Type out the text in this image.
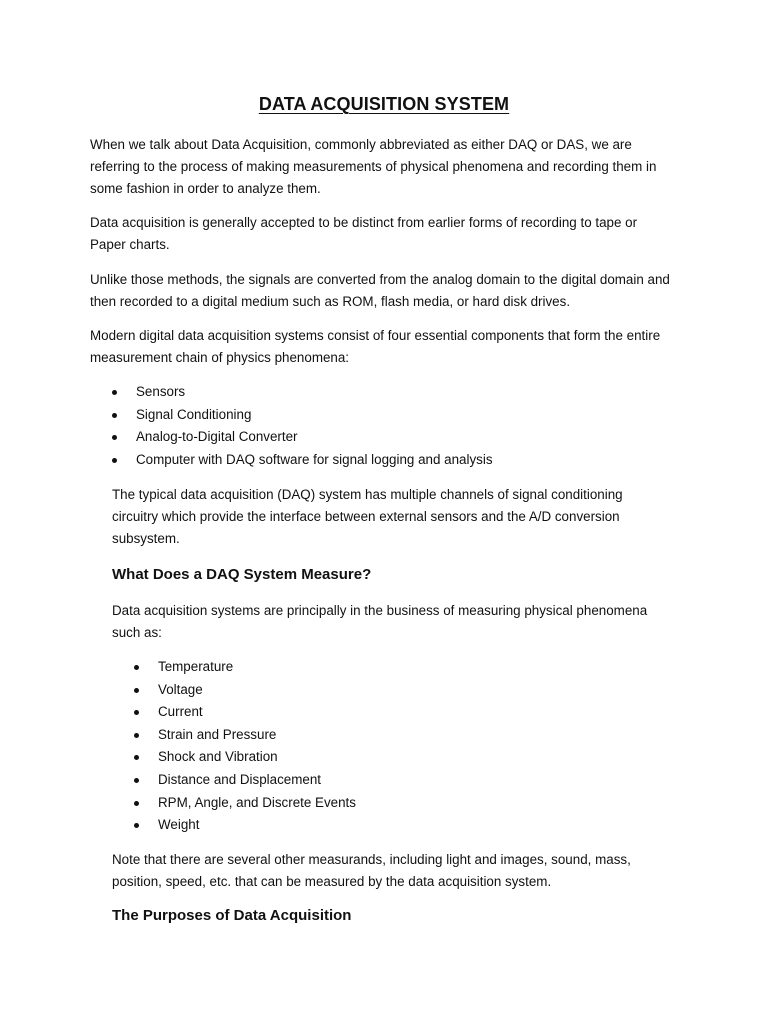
DATA ACQUISITION SYSTEM

When we talk about Data Acquisition, commonly abbreviated as either DAQ or DAS, we are referring to the process of making measurements of physical phenomena and recording them in some fashion in order to analyze them.

Data acquisition is generally accepted to be distinct from earlier forms of recording to tape or Paper charts.

Unlike those methods, the signals are converted from the analog domain to the digital domain and then recorded to a digital medium such as ROM, flash media, or hard disk drives.

Modern digital data acquisition systems consist of four essential components that form the entire measurement chain of physics phenomena:

Sensors
Signal Conditioning
Analog-to-Digital Converter
Computer with DAQ software for signal logging and analysis

The typical data acquisition (DAQ) system has multiple channels of signal conditioning circuitry which provide the interface between external sensors and the A/D conversion subsystem.

What Does a DAQ System Measure?

Data acquisition systems are principally in the business of measuring physical phenomena such as:

Temperature
Voltage
Current
Strain and Pressure
Shock and Vibration
Distance and Displacement
RPM, Angle, and Discrete Events
Weight

Note that there are several other measurands, including light and images, sound, mass, position, speed, etc. that can be measured by the data acquisition system.

The Purposes of Data Acquisition
